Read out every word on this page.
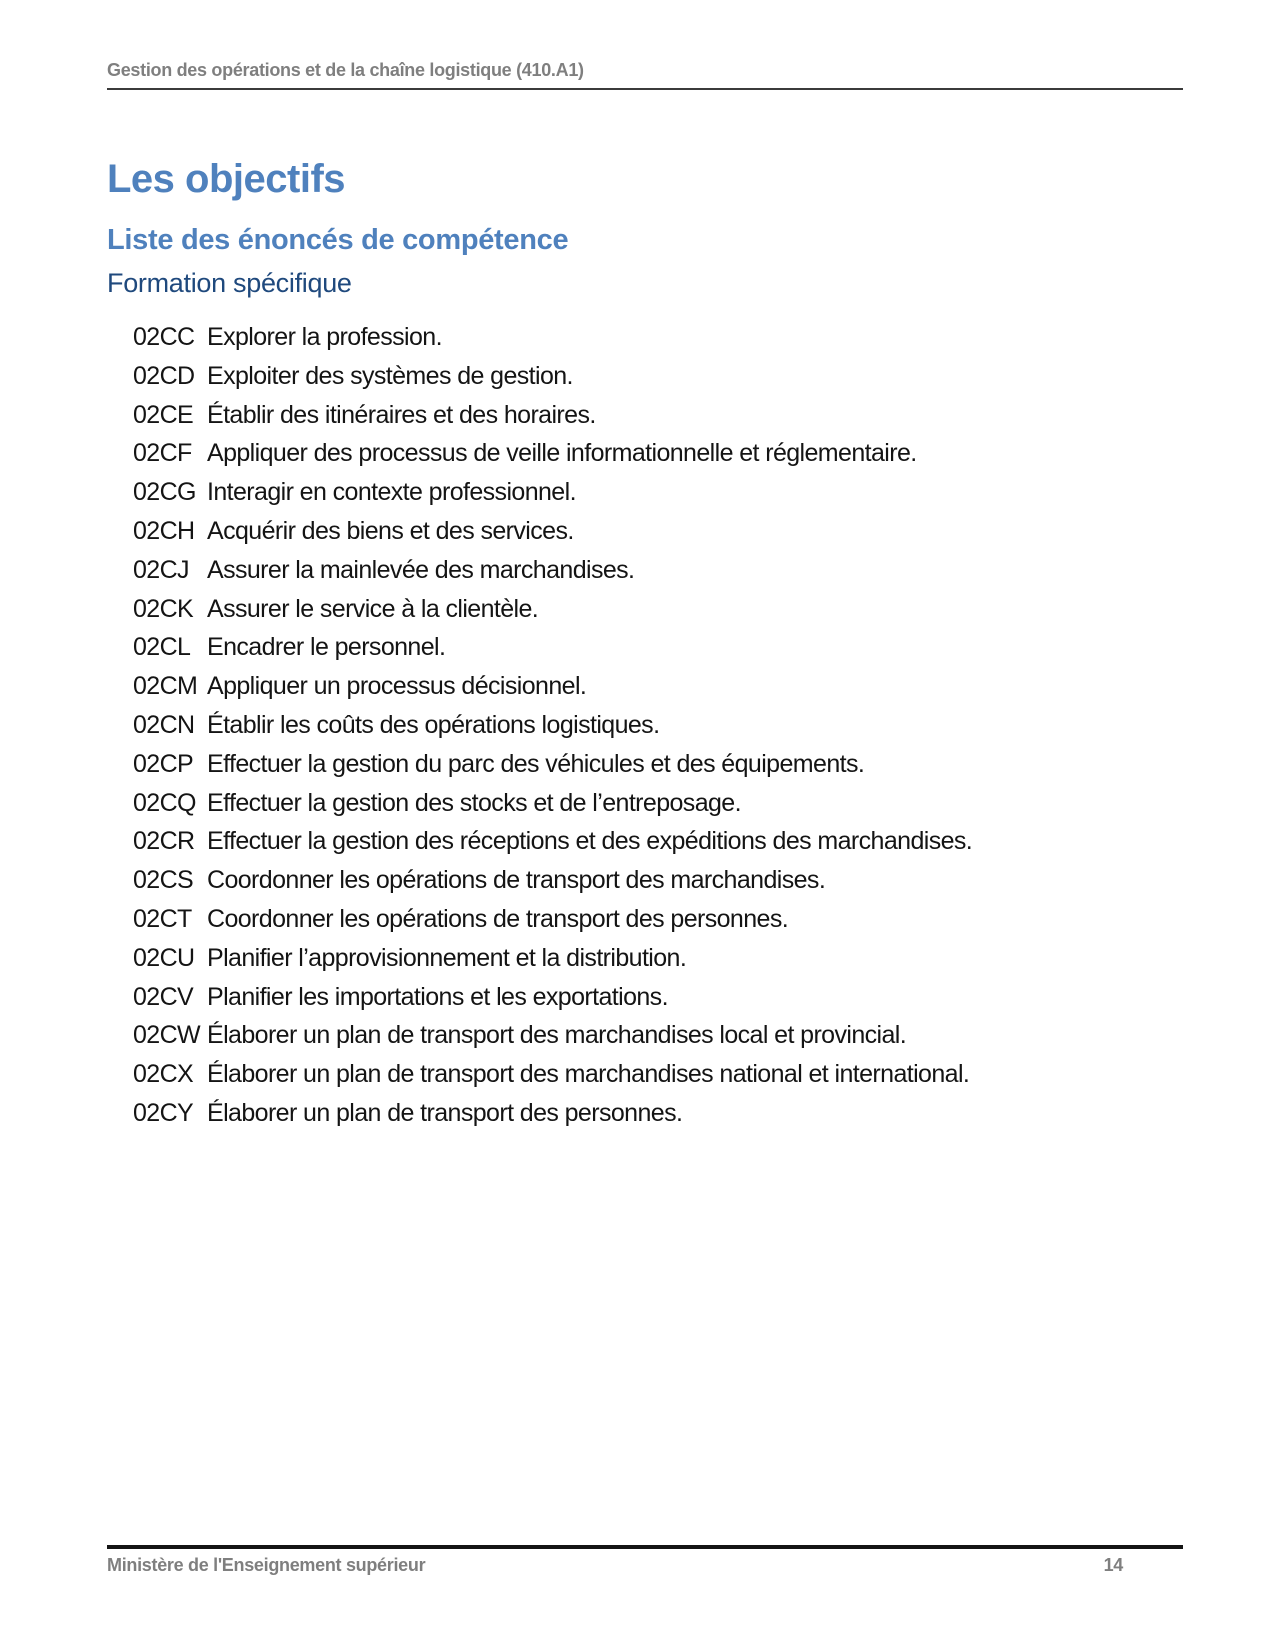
Gestion des opérations et de la chaîne logistique (410.A1)
Les objectifs
Liste des énoncés de compétence
Formation spécifique
02CC Explorer la profession.
02CD Exploiter des systèmes de gestion.
02CE Établir des itinéraires et des horaires.
02CF Appliquer des processus de veille informationnelle et réglementaire.
02CG Interagir en contexte professionnel.
02CH Acquérir des biens et des services.
02CJ Assurer la mainlevée des marchandises.
02CK Assurer le service à la clientèle.
02CL Encadrer le personnel.
02CM Appliquer un processus décisionnel.
02CN Établir les coûts des opérations logistiques.
02CP Effectuer la gestion du parc des véhicules et des équipements.
02CQ Effectuer la gestion des stocks et de l’entreposage.
02CR Effectuer la gestion des réceptions et des expéditions des marchandises.
02CS Coordonner les opérations de transport des marchandises.
02CT Coordonner les opérations de transport des personnes.
02CU Planifier l’approvisionnement et la distribution.
02CV Planifier les importations et les exportations.
02CW Élaborer un plan de transport des marchandises local et provincial.
02CX Élaborer un plan de transport des marchandises national et international.
02CY Élaborer un plan de transport des personnes.
Ministère de l'Enseignement supérieur	14
